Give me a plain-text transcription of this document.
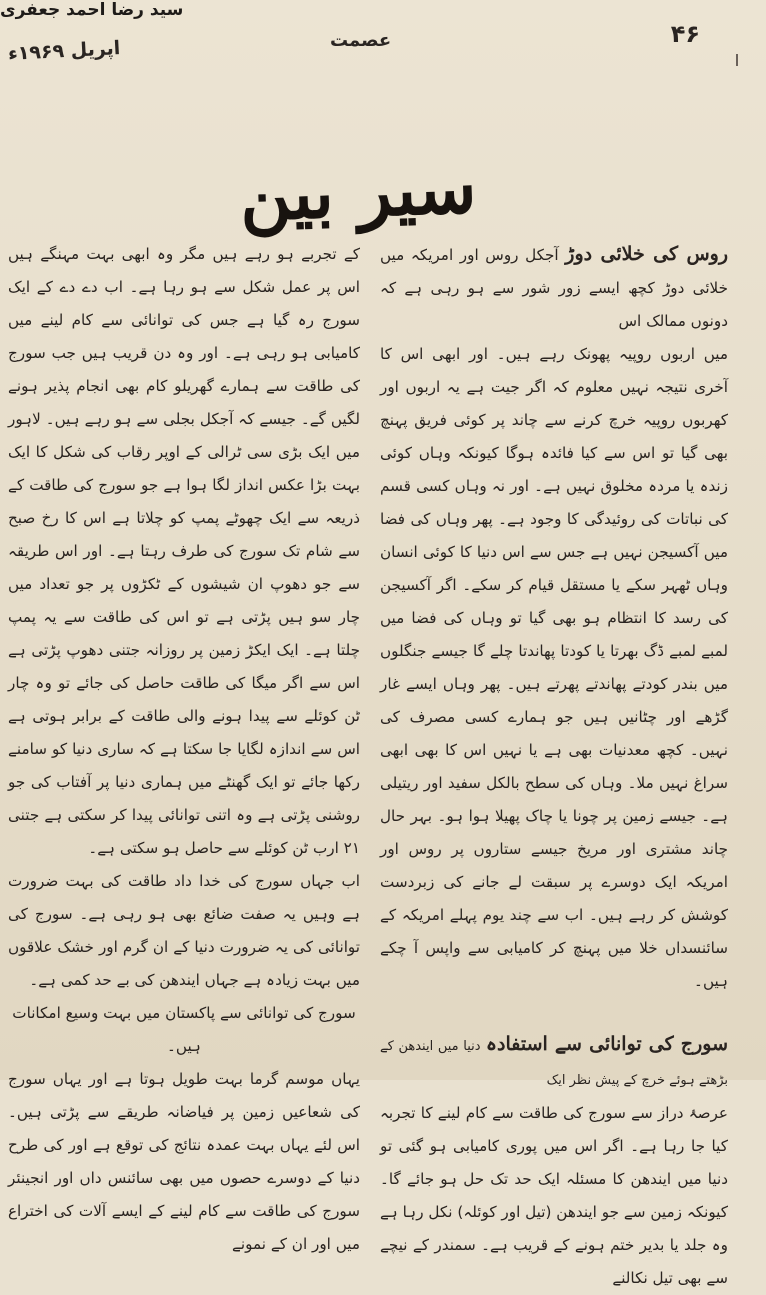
۴۶
عصمت
اپریل ۱۹۶۹ء
سید رضا احمد جعفری
سیر بین

روس کی خلائی دوڑ آجکل روس اور امریکہ میں خلائی دوڑ کچھ ایسے زور شور سے ہو رہی ہے کہ دونوں ممالک اس

میں اربوں روپیہ پھونک رہے ہیں۔ اور ابھی اس کا آخری نتیجہ نہیں معلوم کہ اگر جیت ہے یہ اربوں اور کھربوں روپیہ خرچ کرنے سے چاند پر کوئی فریق پہنچ بھی گیا تو اس سے کیا فائدہ ہوگا کیونکہ وہاں کوئی زندہ یا مردہ مخلوق نہیں ہے۔ اور نہ وہاں کسی قسم کی نباتات کی روئیدگی کا وجود ہے۔ پھر وہاں کی فضا میں آکسیجن نہیں ہے جس سے اس دنیا کا کوئی انسان وہاں ٹھہر سکے یا مستقل قیام کر سکے۔ اگر آکسیجن کی رسد کا انتظام ہو بھی گیا تو وہاں کی فضا میں لمبے لمبے ڈگ بھرتا یا کودتا پھاندتا چلے گا جیسے جنگلوں میں بندر کودتے پھاندتے پھرتے ہیں۔ پھر وہاں ایسے غار گڑھے اور چٹانیں ہیں جو ہمارے کسی مصرف کی نہیں۔ کچھ معدنیات بھی ہے یا نہیں اس کا بھی ابھی سراغ نہیں ملا۔ وہاں کی سطح بالکل سفید اور ریتیلی ہے۔ جیسے زمین پر چونا یا چاک پھیلا ہوا ہو۔ بہر حال چاند مشتری اور مریخ جیسے ستاروں پر روس اور امریکہ ایک دوسرے پر سبقت لے جانے کی زبردست کوشش کر رہے ہیں۔ اب سے چند یوم پہلے امریکہ کے سائنسداں خلا میں پہنچ کر کامیابی سے واپس آ چکے ہیں۔

سورج کی توانائی سے استفادہ دنیا میں ایندھن کے بڑھتے ہوئے خرچ کے پیش نظر ایک

عرصۂ دراز سے سورج کی طاقت سے کام لینے کا تجربہ کیا جا رہا ہے۔ اگر اس میں پوری کامیابی ہو گئی تو دنیا میں ایندھن کا مسئلہ ایک حد تک حل ہو جائے گا۔ کیونکہ زمین سے جو ایندھن (تیل اور کوئلہ) نکل رہا ہے وہ جلد یا بدیر ختم ہونے کے قریب ہے۔ سمندر کے نیچے سے بھی تیل نکالنے

کے تجربے ہو رہے ہیں مگر وہ ابھی بہت مہنگے ہیں اس پر عمل شکل سے ہو رہا ہے۔ اب دے دے کے ایک سورج رہ گیا ہے جس کی توانائی سے کام لینے میں کامیابی ہو رہی ہے۔ اور وہ دن قریب ہیں جب سورج کی طاقت سے ہمارے گھریلو کام بھی انجام پذیر ہونے لگیں گے۔ جیسے کہ آجکل بجلی سے ہو رہے ہیں۔ لاہور میں ایک بڑی سی ٹرالی کے اوپر رقاب کی شکل کا ایک بہت بڑا عکس انداز لگا ہوا ہے جو سورج کی طاقت کے ذریعہ سے ایک چھوٹے پمپ کو چلاتا ہے اس کا رخ صبح سے شام تک سورج کی طرف رہتا ہے۔ اور اس طریقہ سے جو دھوپ ان شیشوں کے ٹکڑوں پر جو تعداد میں چار سو ہیں پڑتی ہے تو اس کی طاقت سے یہ پمپ چلتا ہے۔ ایک ایکڑ زمین پر روزانہ جتنی دھوپ پڑتی ہے اس سے اگر میگا کی طاقت حاصل کی جائے تو وہ چار ٹن کوئلے سے پیدا ہونے والی طاقت کے برابر ہوتی ہے اس سے اندازہ لگایا جا سکتا ہے کہ ساری دنیا کو سامنے رکھا جائے تو ایک گھنٹے میں ہماری دنیا پر آفتاب کی جو روشنی پڑتی ہے وہ اتنی توانائی پیدا کر سکتی ہے جتنی ۲۱ ارب ٹن کوئلے سے حاصل ہو سکتی ہے۔

اب جہاں سورج کی خدا داد طاقت کی بہت ضرورت ہے وہیں یہ صفت ضائع بھی ہو رہی ہے۔ سورج کی توانائی کی یہ ضرورت دنیا کے ان گرم اور خشک علاقوں میں بہت زیادہ ہے جہاں ایندھن کی بے حد کمی ہے۔

سورج کی توانائی سے پاکستان میں بہت وسیع امکانات ہیں۔

یہاں موسم گرما بہت طویل ہوتا ہے اور یہاں سورج کی شعاعیں زمین پر فیاضانہ طریقے سے پڑتی ہیں۔ اس لئے یہاں بہت عمدہ نتائج کی توقع ہے اور کی طرح دنیا کے دوسرے حصوں میں بھی سائنس داں اور انجینئر سورج کی طاقت سے کام لینے کے ایسے آلات کی اختراع میں اور ان کے نمونے
